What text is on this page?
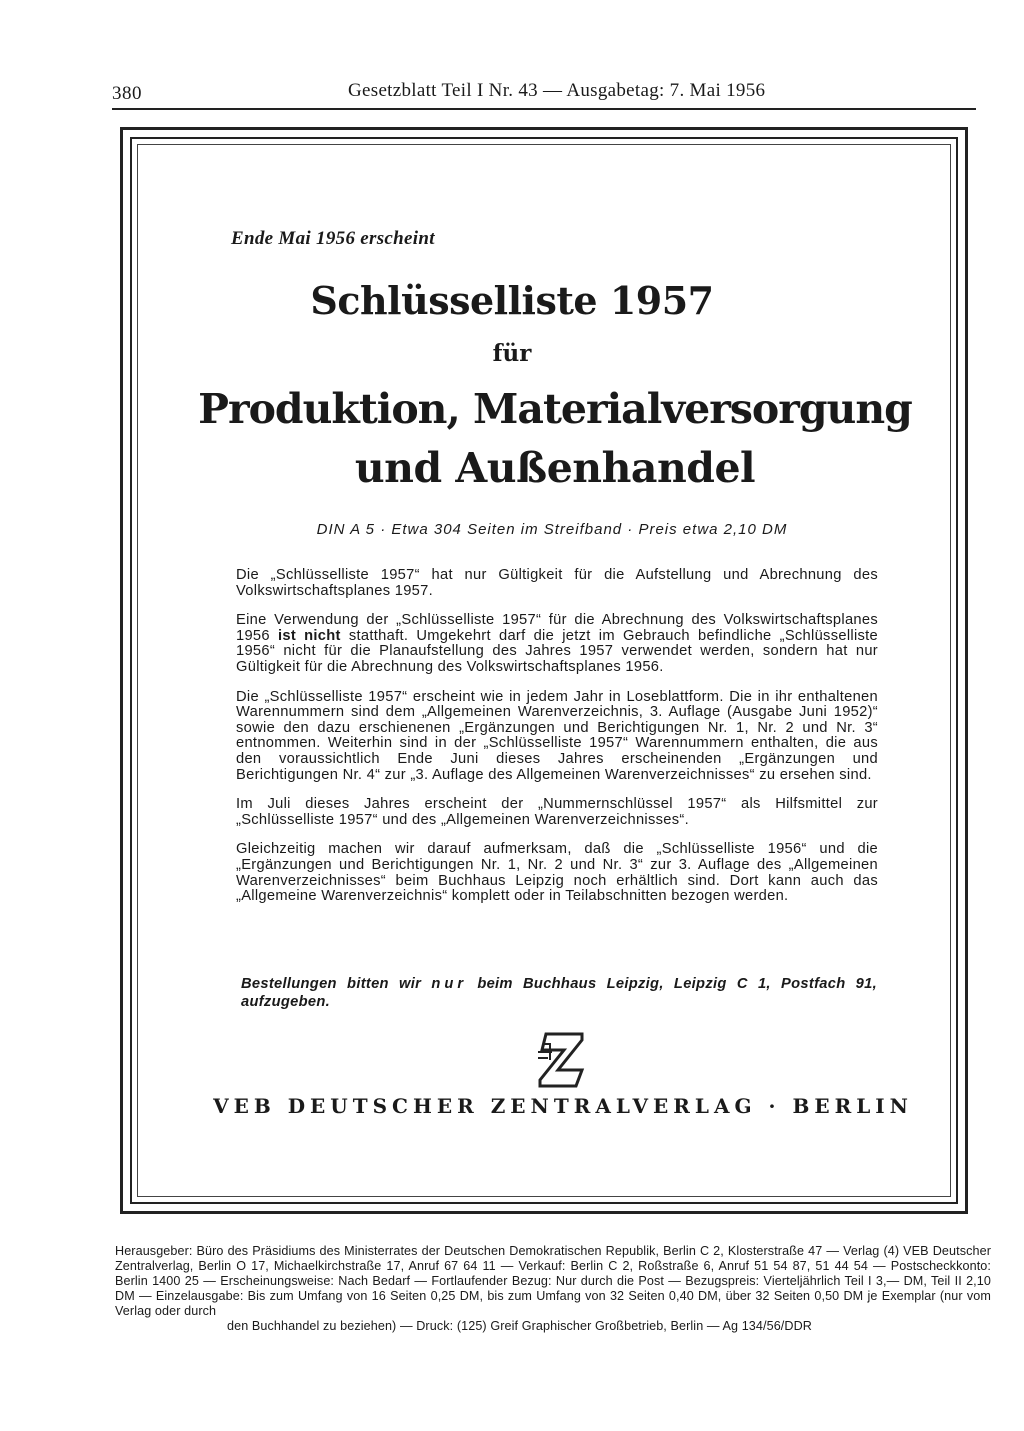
380	Gesetzblatt Teil I Nr. 43 — Ausgabetag: 7. Mai 1956
Ende Mai 1956 erscheint
Schlüsselliste 1957
für
Produktion, Materialversorgung
und Außenhandel
DIN A 5 · Etwa 304 Seiten im Streifband · Preis etwa 2,10 DM

Die „Schlüsselliste 1957“ hat nur Gültigkeit für die Aufstellung und Abrechnung des Volkswirtschaftsplanes 1957.

Eine Verwendung der „Schlüsselliste 1957“ für die Abrechnung des Volkswirtschaftsplanes 1956 ist nicht statthaft. Umgekehrt darf die jetzt im Gebrauch befindliche „Schlüsselliste 1956“ nicht für die Planaufstellung des Jahres 1957 verwendet werden, sondern hat nur Gültigkeit für die Abrechnung des Volkswirtschaftsplanes 1956.

Die „Schlüsselliste 1957“ erscheint wie in jedem Jahr in Loseblattform. Die in ihr enthaltenen Warennummern sind dem „Allgemeinen Warenverzeichnis, 3. Auflage (Ausgabe Juni 1952)“ sowie den dazu erschienenen „Ergänzungen und Berichtigungen Nr. 1, Nr. 2 und Nr. 3“ entnommen. Weiterhin sind in der „Schlüsselliste 1957“ Warennummern enthalten, die aus den voraussichtlich Ende Juni dieses Jahres erscheinenden „Ergänzungen und Berichtigungen Nr. 4“ zur „3. Auflage des Allgemeinen Warenverzeichnisses“ zu ersehen sind.

Im Juli dieses Jahres erscheint der „Nummernschlüssel 1957“ als Hilfsmittel zur „Schlüsselliste 1957“ und des „Allgemeinen Warenverzeichnisses“.

Gleichzeitig machen wir darauf aufmerksam, daß die „Schlüsselliste 1956“ und die „Ergänzungen und Berichtigungen Nr. 1, Nr. 2 und Nr. 3“ zur 3. Auflage des „Allgemeinen Warenverzeichnisses“ beim Buchhaus Leipzig noch erhältlich sind. Dort kann auch das „Allgemeine Warenverzeichnis“ komplett oder in Teilabschnitten bezogen werden.

Bestellungen bitten wir nur beim Buchhaus Leipzig, Leipzig C 1, Postfach 91, aufzugeben.
VEB DEUTSCHER ZENTRALVERLAG · BERLIN

Herausgeber: Büro des Präsidiums des Ministerrates der Deutschen Demokratischen Republik, Berlin C 2, Klosterstraße 47 — Verlag (4) VEB Deutscher Zentralverlag, Berlin O 17, Michaelkirchstraße 17, Anruf 67 64 11 — Verkauf: Berlin C 2, Roßstraße 6, Anruf 51 54 87, 51 44 54 — Postscheckkonto: Berlin 1400 25 — Erscheinungsweise: Nach Bedarf — Fortlaufender Bezug: Nur durch die Post — Bezugspreis: Vierteljährlich Teil I 3,— DM, Teil II 2,10 DM — Einzelausgabe: Bis zum Umfang von 16 Seiten 0,25 DM, bis zum Umfang von 32 Seiten 0,40 DM, über 32 Seiten 0,50 DM je Exemplar (nur vom Verlag oder durch

den Buchhandel zu beziehen) — Druck: (125) Greif Graphischer Großbetrieb, Berlin — Ag 134/56/DDR
